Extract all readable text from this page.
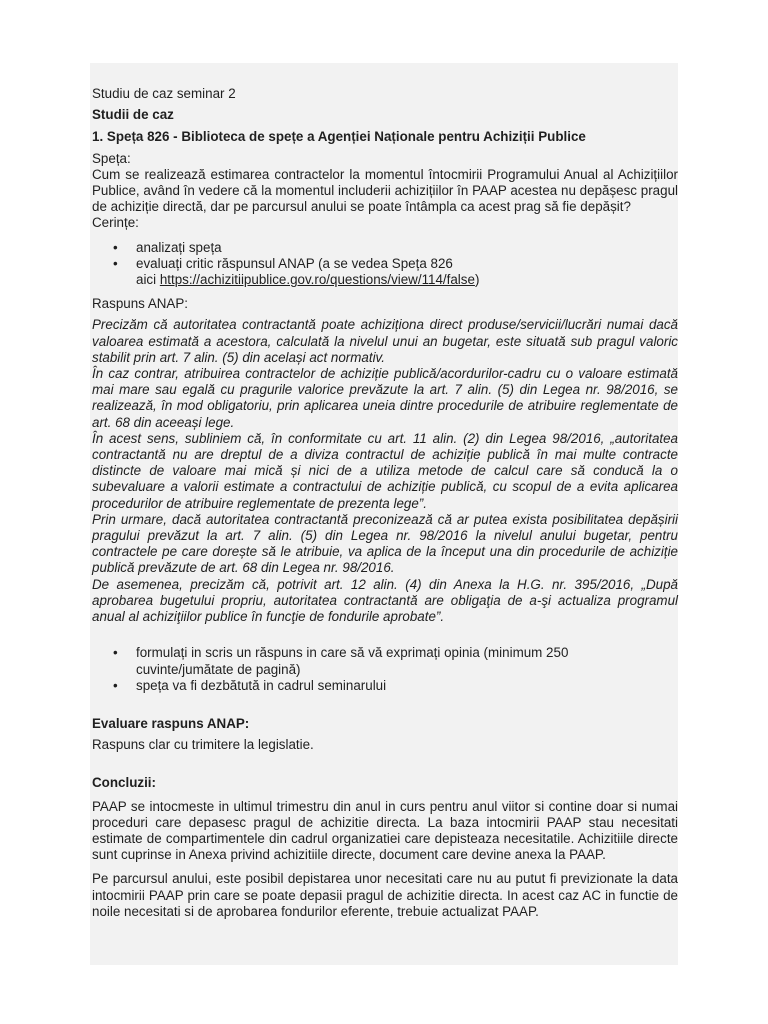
Studiu de caz seminar 2

Studii de caz

1. Speța 826 - Biblioteca de spețe a Agenției Naționale pentru Achiziții Publice

Speța:

Cum se realizează estimarea contractelor la momentul întocmirii Programului Anual al Achizițiilor Publice, având în vedere că la momentul includerii achizițiilor în PAAP acestea nu depășesc pragul de achiziție directă, dar pe parcursul anului se poate întâmpla ca acest prag să fie depășit?

Cerințe:

• analizați speța
• evaluați critic răspunsul ANAP (a se vedea Speța 826
aici https://achizitiipublice.gov.ro/questions/view/114/false)

Raspuns ANAP:

Precizăm că autoritatea contractantă poate achiziționa direct produse/servicii/lucrări numai dacă valoarea estimată a acestora, calculată la nivelul unui an bugetar, este situată sub pragul valoric stabilit prin art. 7 alin. (5) din același act normativ.

În caz contrar, atribuirea contractelor de achiziție publică/acordurilor-cadru cu o valoare estimată mai mare sau egală cu pragurile valorice prevăzute la art. 7 alin. (5) din Legea nr. 98/2016, se realizează, în mod obligatoriu, prin aplicarea uneia dintre procedurile de atribuire reglementate de art. 68 din aceeași lege.

În acest sens, subliniem că, în conformitate cu art. 11 alin. (2) din Legea 98/2016, „autoritatea contractantă nu are dreptul de a diviza contractul de achiziție publică în mai multe contracte distincte de valoare mai mică și nici de a utiliza metode de calcul care să conducă la o subevaluare a valorii estimate a contractului de achiziție publică, cu scopul de a evita aplicarea procedurilor de atribuire reglementate de prezenta lege”.

Prin urmare, dacă autoritatea contractantă preconizează că ar putea exista posibilitatea depășirii pragului prevăzut la art. 7 alin. (5) din Legea nr. 98/2016 la nivelul anului bugetar, pentru contractele pe care dorește să le atribuie, va aplica de la început una din procedurile de achiziție publică prevăzute de art. 68 din Legea nr. 98/2016.

De asemenea, precizăm că, potrivit art. 12 alin. (4) din Anexa la H.G. nr. 395/2016, „După aprobarea bugetului propriu, autoritatea contractantă are obligaţia de a-şi actualiza programul anual al achiziţiilor publice în funcţie de fondurile aprobate”.

• formulați in scris un răspuns in care să vă exprimați opinia (minimum 250 cuvinte/jumătate de pagină)
• speța va fi dezbătută in cadrul seminarului

Evaluare raspuns ANAP:

Raspuns clar cu trimitere la legislatie.

Concluzii:

PAAP se intocmeste in ultimul trimestru din anul in curs pentru anul viitor si contine doar si numai proceduri care depasesc pragul de achizitie directa. La baza intocmirii PAAP stau necesitati estimate de compartimentele din cadrul organizatiei care depisteaza necesitatile. Achizitiile directe sunt cuprinse in Anexa privind achizitiile directe, document care devine anexa la PAAP.

Pe parcursul anului, este posibil depistarea unor necesitati care nu au putut fi previzionate la data intocmirii PAAP prin care se poate depasii pragul de achizitie directa. In acest caz AC in functie de noile necesitati si de aprobarea fondurilor eferente, trebuie actualizat PAAP.
